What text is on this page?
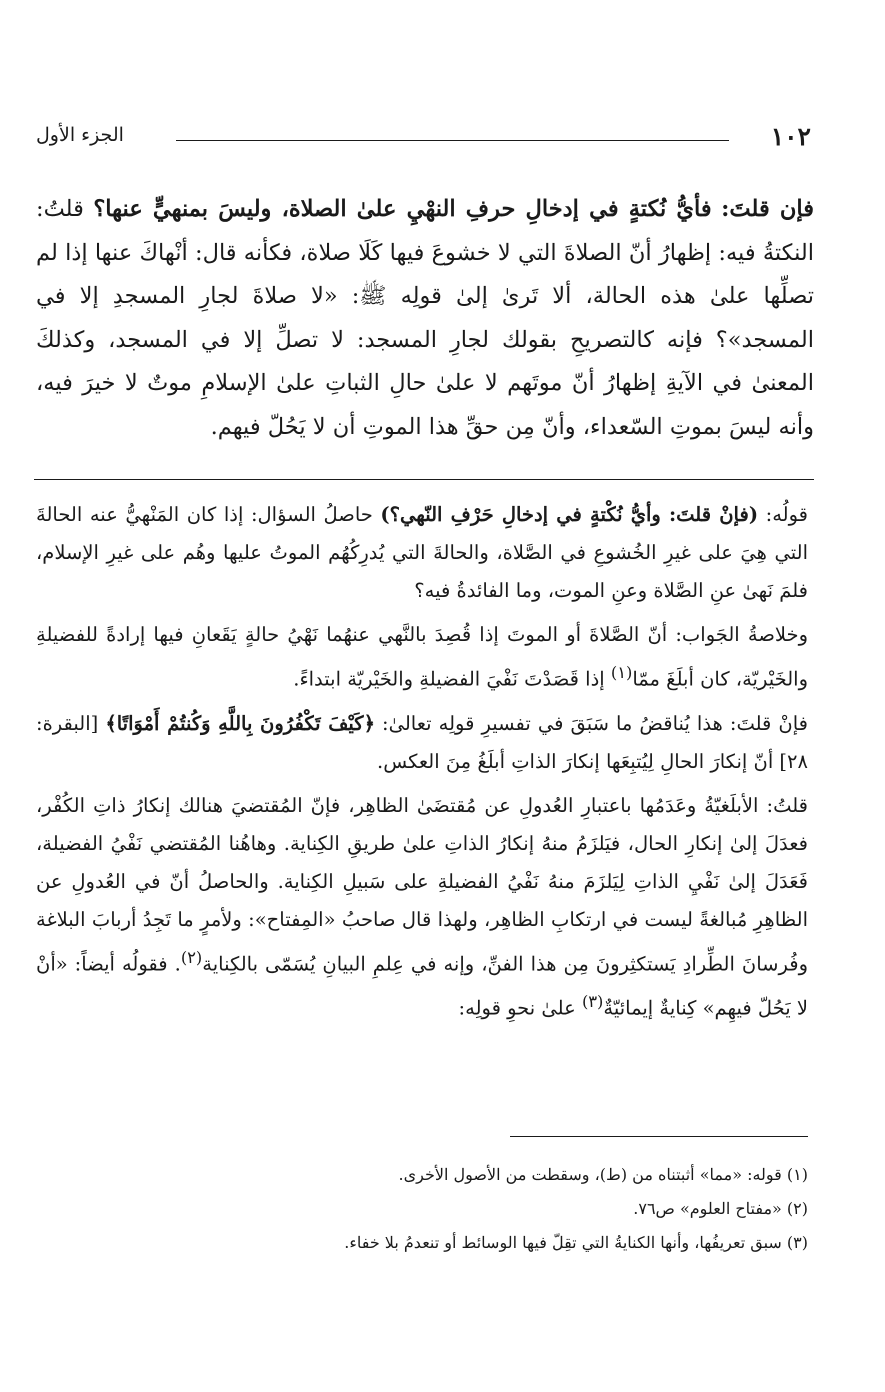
١٠٢
الجزء الأول

فإن قلتَ: فأيُّ نُكتةٍ في إدخالِ حرفِ النهْيِ علىٰ الصلاة، وليسَ بمنهيٍّ عنها؟ قلتُ: النكتةُ فيه: إظهارُ أنّ الصلاةَ التي لا خشوعَ فيها كَلَا صلاة، فكأنه قال: أنْهاكَ عنها إذا لم تصلِّها علىٰ هذه الحالة، ألا تَرىٰ إلىٰ قولِه ﷺ: «لا صلاةَ لجارِ المسجدِ إلا في المسجد»؟ فإنه كالتصريحِ بقولك لجارِ المسجد: لا تصلِّ إلا في المسجد، وكذلكَ المعنىٰ في الآيةِ إظهارُ أنّ موتَهم لا علىٰ حالِ الثباتِ علىٰ الإسلامِ موتٌ لا خيرَ فيه، وأنه ليسَ بموتِ السّعداء، وأنّ مِن حقِّ هذا الموتِ أن لا يَحُلّ فيهم.

قولُه: (فإنْ قلتَ: وأيُّ نُكْتةٍ في إدخالِ حَرْفِ النّهي؟) حاصلُ السؤال: إذا كان المَنْهيُّ عنه الحالةَ التي هِيَ على غيرِ الخُشوعِ في الصَّلاة، والحالةَ التي يُدرِكُهُم الموتُ عليها وهُم على غيرِ الإسلام، فلمَ نَهىٰ عنِ الصَّلاة وعنِ الموت، وما الفائدةُ فيه؟

وخلاصةُ الجَواب: أنّ الصَّلاةَ أو الموتَ إذا قُصِدَ بالنَّهي عنهُما نَهْيُ حالةٍ يَقَعانِ فيها إرادةً للفضيلةِ والخَيْريّة، كان أبلَغَ ممّا$^{(١)}$ إذا قَصَدْتَ نَفْيَ الفضيلةِ والخَيْريّة ابتداءً.

فإنْ قلتَ: هذا يُناقضُ ما سَبَقَ في تفسيرِ قولِه تعالىٰ: ﴿كَيْفَ تَكْفُرُونَ بِاللَّهِ وَكُنتُمْ أَمْوَاتًا﴾ [البقرة: ٢٨] أنّ إنكارَ الحالِ لِيُتبِعَها إنكارَ الذاتِ أبلَغُ مِنَ العكس.

قلتُ: الأبلَغيّةُ وعَدَمُها باعتبارِ العُدولِ عن مُقتضَىٰ الظاهِر، فإنّ المُقتضيَ هنالك إنكارُ ذاتِ الكُفْر، فعدَلَ إلىٰ إنكارِ الحال، فيَلزَمُ منهُ إنكارُ الذاتِ علىٰ طريقِ الكِناية. وهاهُنا المُقتضي نَفْيُ الفضيلة، فَعَدَلَ إلىٰ نَفْيِ الذاتِ لِيَلزَمَ منهُ نَفْيُ الفضيلةِ على سَبيلِ الكِناية. والحاصلُ أنّ في العُدولِ عن الظاهِرِ مُبالغةً ليست في ارتكابِ الظاهِر، ولهذا قال صاحبُ «المِفتاح»: ولأمرٍ ما تَجِدُ أربابَ البلاغة وفُرسانَ الطِّرادِ يَستكثِرونَ مِن هذا الفنِّ، وإنه في عِلمِ البيانِ يُسَمّى بالكِناية$^{(٢)}$. فقولُه أيضاً: «أنْ لا يَحُلّ فيهِم» كِنايةٌ إيمائيّةٌ$^{(٣)}$ علىٰ نحوِ قولِه:

(١) قوله: «مما» أثبتناه من (ط)، وسقطت من الأصول الأخرى.

(٢) «مفتاح العلوم» ص٧٦.

(٣) سبق تعريفُها، وأنها الكنايةُ التي تقِلّ فيها الوسائط أو تنعدمُ بلا خفاء.
